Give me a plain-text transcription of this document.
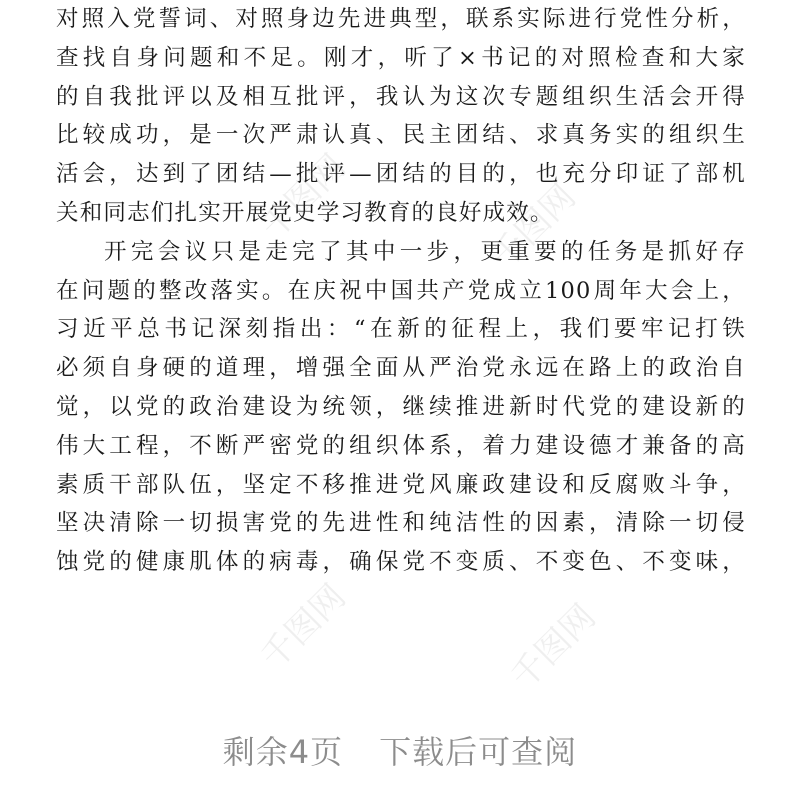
对照入党誓词、对照身边先进典型，联系实际进行党性分析，
查找自身问题和不足。刚才，听了×书记的对照检查和大家
的自我批评以及相互批评，我认为这次专题组织生活会开得
比较成功，是一次严肃认真、民主团结、求真务实的组织生
活会，达到了团结—批评—团结的目的，也充分印证了部机
关和同志们扎实开展党史学习教育的良好成效。
开完会议只是走完了其中一步，更重要的任务是抓好存
在问题的整改落实。在庆祝中国共产党成立100周年大会上，
习近平总书记深刻指出：“在新的征程上，我们要牢记打铁
必须自身硬的道理，增强全面从严治党永远在路上的政治自
觉，以党的政治建设为统领，继续推进新时代党的建设新的
伟大工程，不断严密党的组织体系，着力建设德才兼备的高
素质干部队伍，坚定不移推进党风廉政建设和反腐败斗争，
坚决清除一切损害党的先进性和纯洁性的因素，清除一切侵
蚀党的健康肌体的病毒，确保党不变质、不变色、不变味，
千图网	千图网
千图网	千图网
剩余4页 下载后可查阅
